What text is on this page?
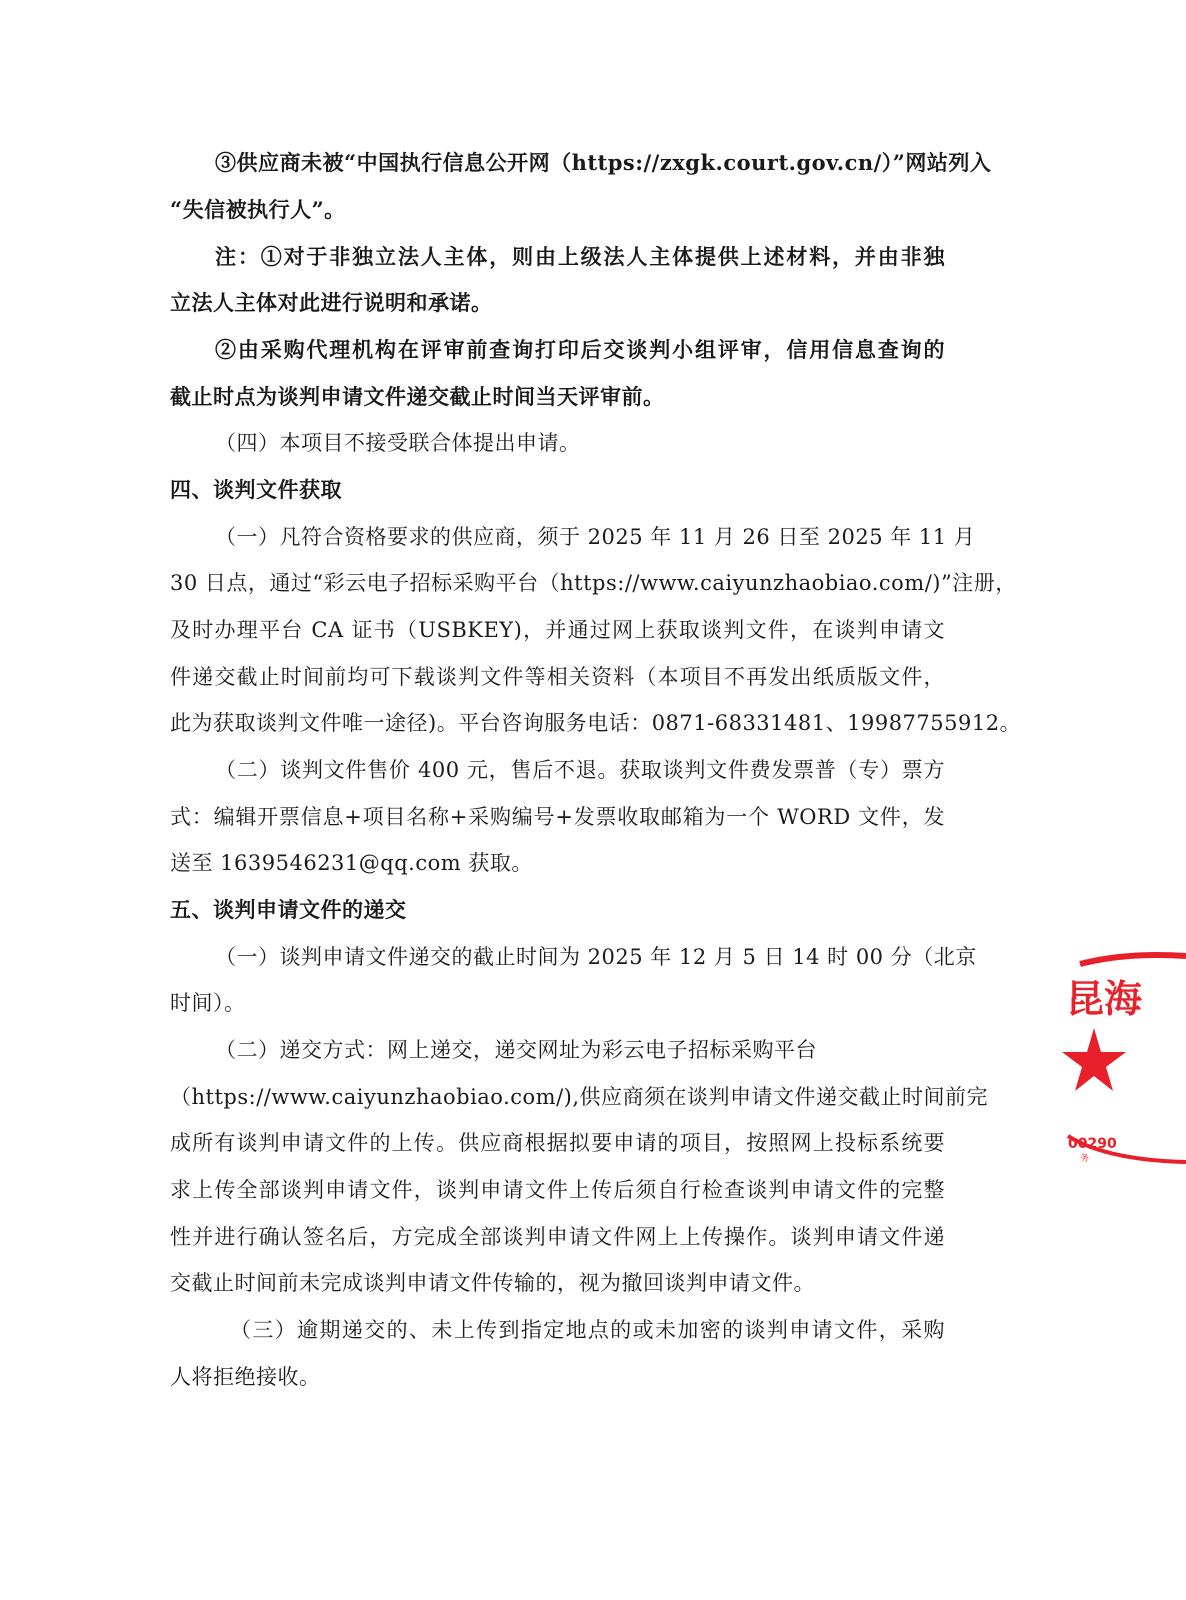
③供应商未被“中国执行信息公开网（https://zxgk.court.gov.cn/）”网站列入
“失信被执行人”。
注：①对于非独立法人主体，则由上级法人主体提供上述材料，并由非独
立法人主体对此进行说明和承诺。
②由采购代理机构在评审前查询打印后交谈判小组评审，信用信息查询的
截止时点为谈判申请文件递交截止时间当天评审前。
（四）本项目不接受联合体提出申请。
四、谈判文件获取
（一）凡符合资格要求的供应商，须于 2025 年 11 月 26 日至 2025 年 11 月
30 日点，通过“彩云电子招标采购平台（https://www.caiyunzhaobiao.com/)”注册，
及时办理平台 CA 证书（USBKEY)，并通过网上获取谈判文件，在谈判申请文
件递交截止时间前均可下载谈判文件等相关资料（本项目不再发出纸质版文件，
此为获取谈判文件唯一途径)。平台咨询服务电话：0871-68331481、19987755912。
（二）谈判文件售价 400 元，售后不退。获取谈判文件费发票普（专）票方
式：编辑开票信息+项目名称+采购编号+发票收取邮箱为一个 WORD 文件，发
送至 1639546231@qq.com 获取。
五、谈判申请文件的递交
（一）谈判申请文件递交的截止时间为 2025 年 12 月 5 日 14 时 00 分（北京
时间）。
（二）递交方式：网上递交，递交网址为彩云电子招标采购平台
（https://www.caiyunzhaobiao.com/),供应商须在谈判申请文件递交截止时间前完
成所有谈判申请文件的上传。供应商根据拟要申请的项目，按照网上投标系统要
求上传全部谈判申请文件，谈判申请文件上传后须自行检查谈判申请文件的完整
性并进行确认签名后，方完成全部谈判申请文件网上上传操作。谈判申请文件递
交截止时间前未完成谈判申请文件传输的，视为撤回谈判申请文件。
（三）逾期递交的、未上传到指定地点的或未加密的谈判申请文件，采购
人将拒绝接收。
昆海
00290
务
